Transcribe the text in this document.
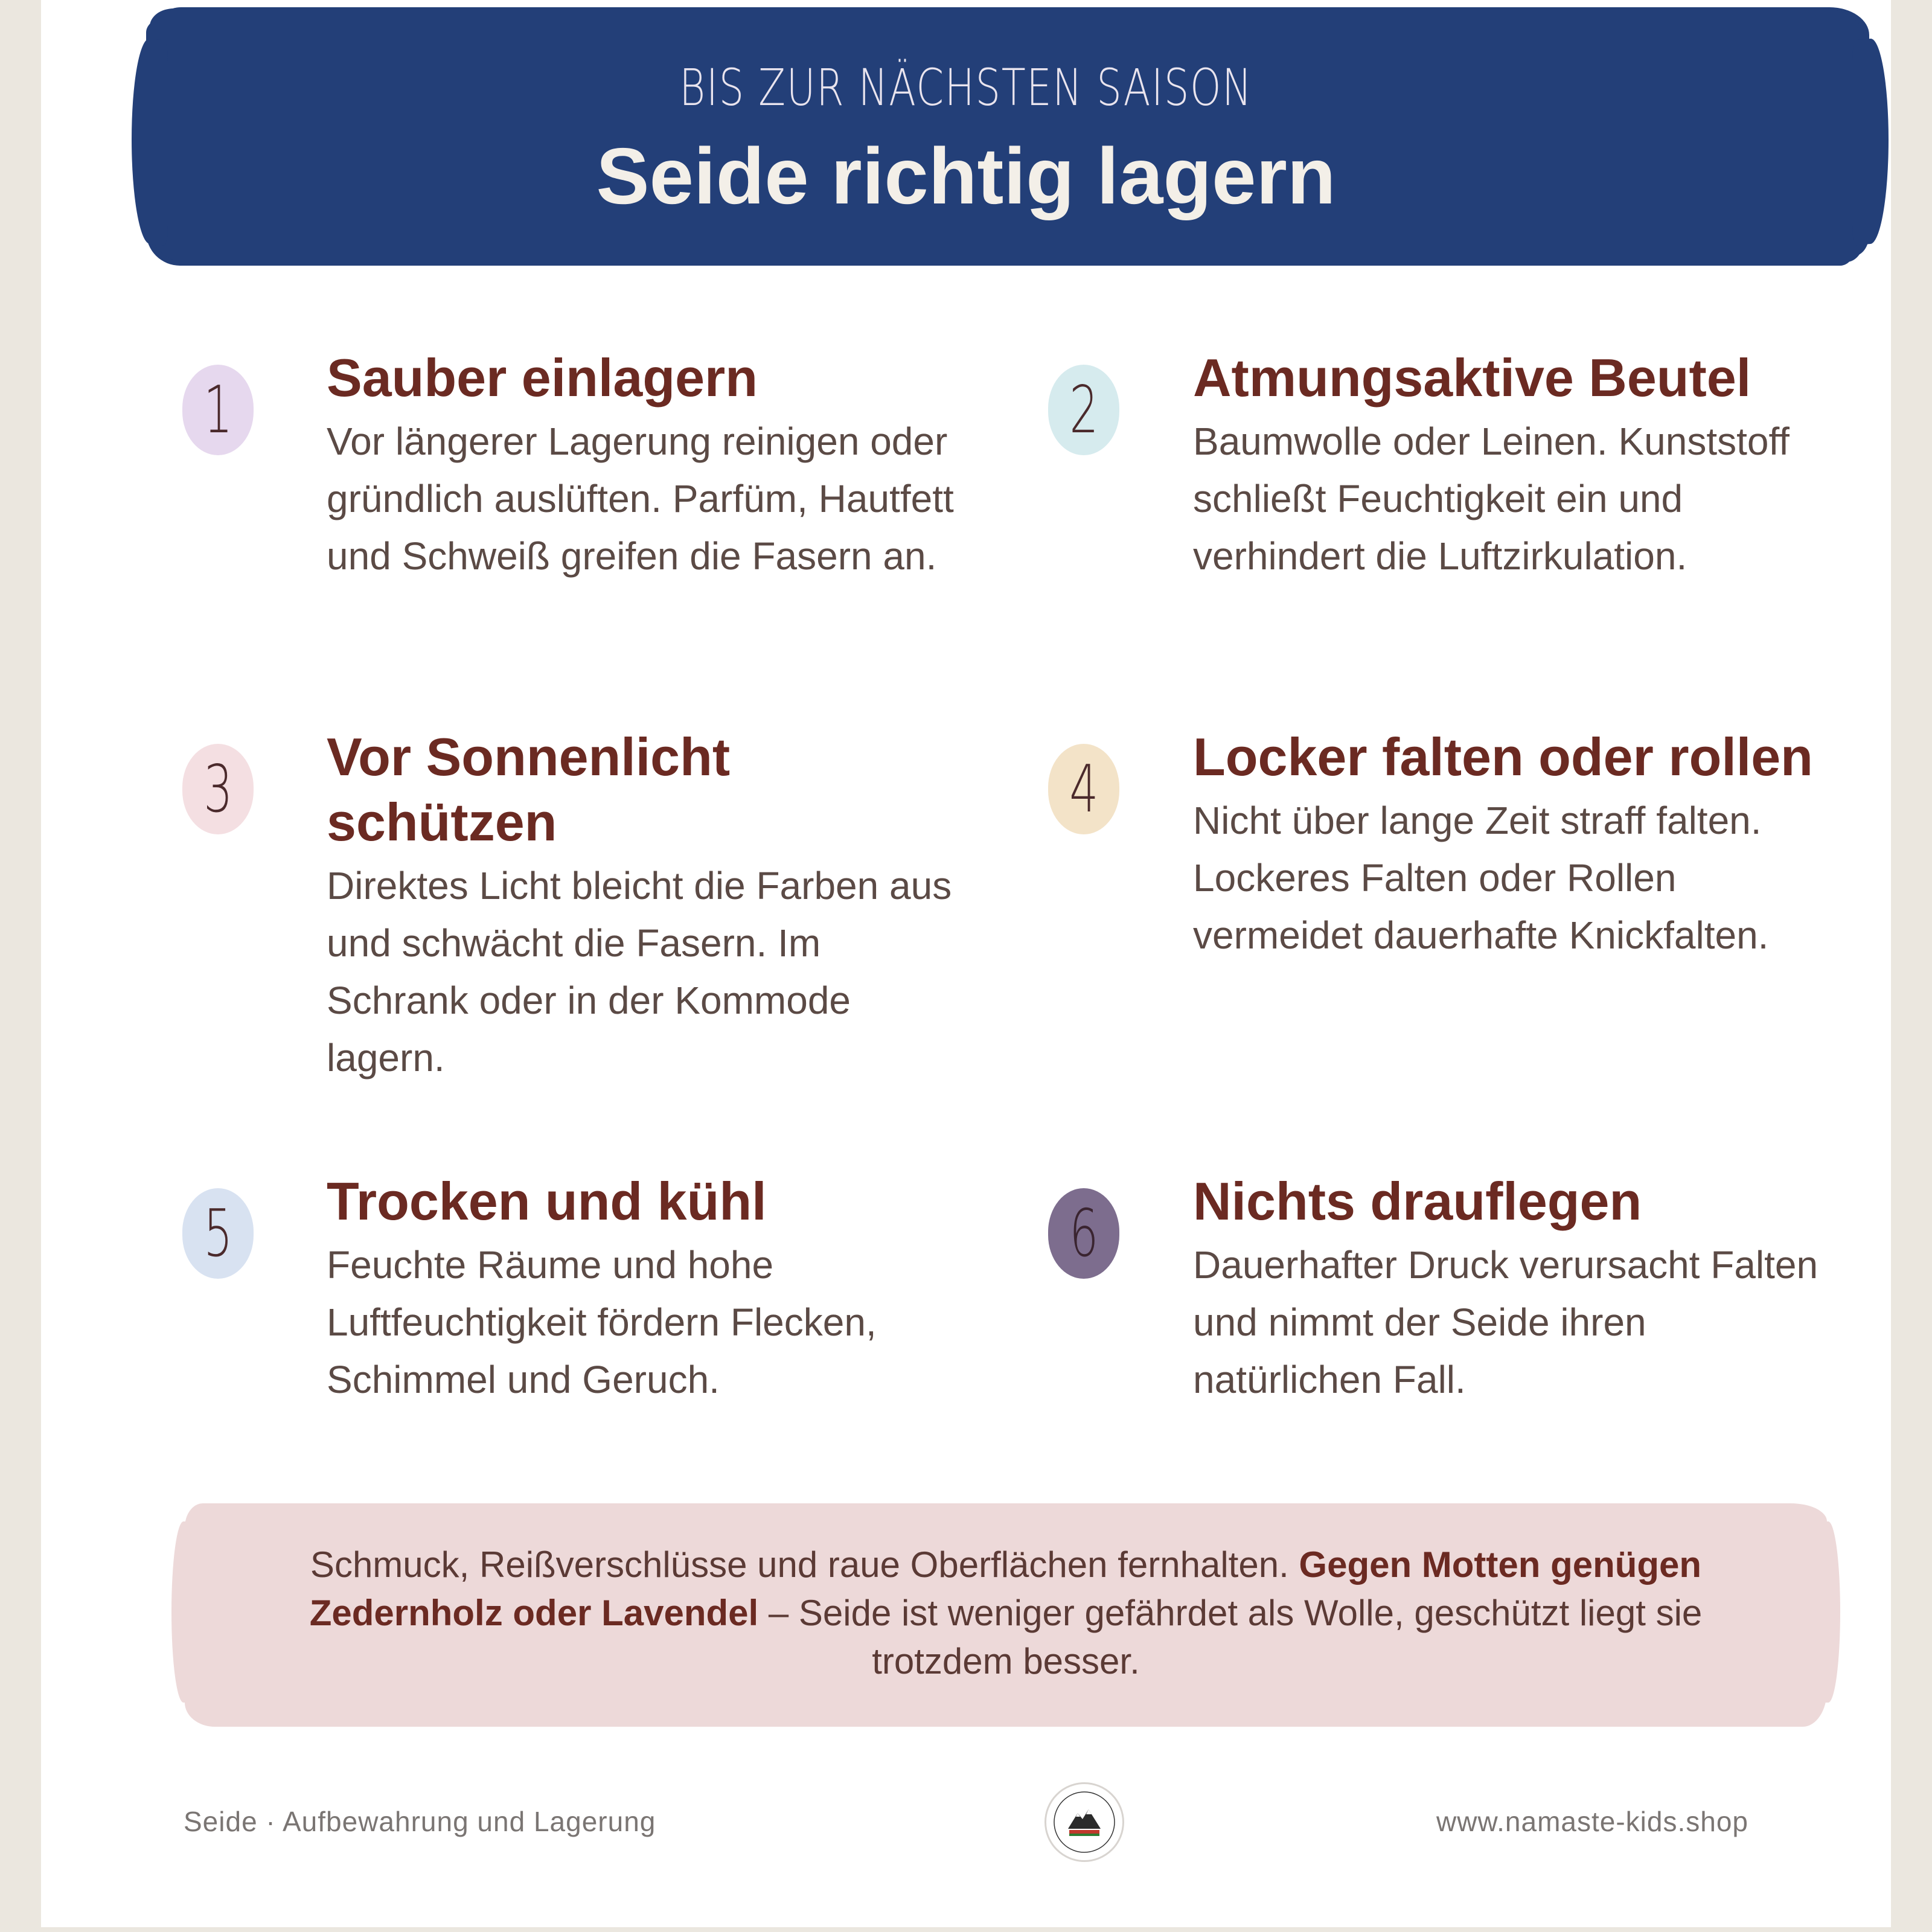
BIS ZUR NÄCHSTEN SAISON
Seide richtig lagern
1 Sauber einlagern
Vor längerer Lagerung reinigen oder gründlich auslüften. Parfüm, Hautfett und Schweiß greifen die Fasern an.
2 Atmungsaktive Beutel
Baumwolle oder Leinen. Kunststoff schließt Feuchtigkeit ein und verhindert die Luftzirkulation.
3 Vor Sonnenlicht schützen
Direktes Licht bleicht die Farben aus und schwächt die Fasern. Im Schrank oder in der Kommode lagern.
4 Locker falten oder rollen
Nicht über lange Zeit straff falten. Lockeres Falten oder Rollen vermeidet dauerhafte Knickfalten.
5 Trocken und kühl
Feuchte Räume und hohe Luftfeuchtigkeit fördern Flecken, Schimmel und Geruch.
6 Nichts drauflegen
Dauerhafter Druck verursacht Falten und nimmt der Seide ihren natürlichen Fall.
Schmuck, Reißverschlüsse und raue Oberflächen fernhalten. Gegen Motten genügen Zedernholz oder Lavendel – Seide ist weniger gefährdet als Wolle, geschützt liegt sie trotzdem besser.
Seide · Aufbewahrung und Lagerung	www.namaste-kids.shop
